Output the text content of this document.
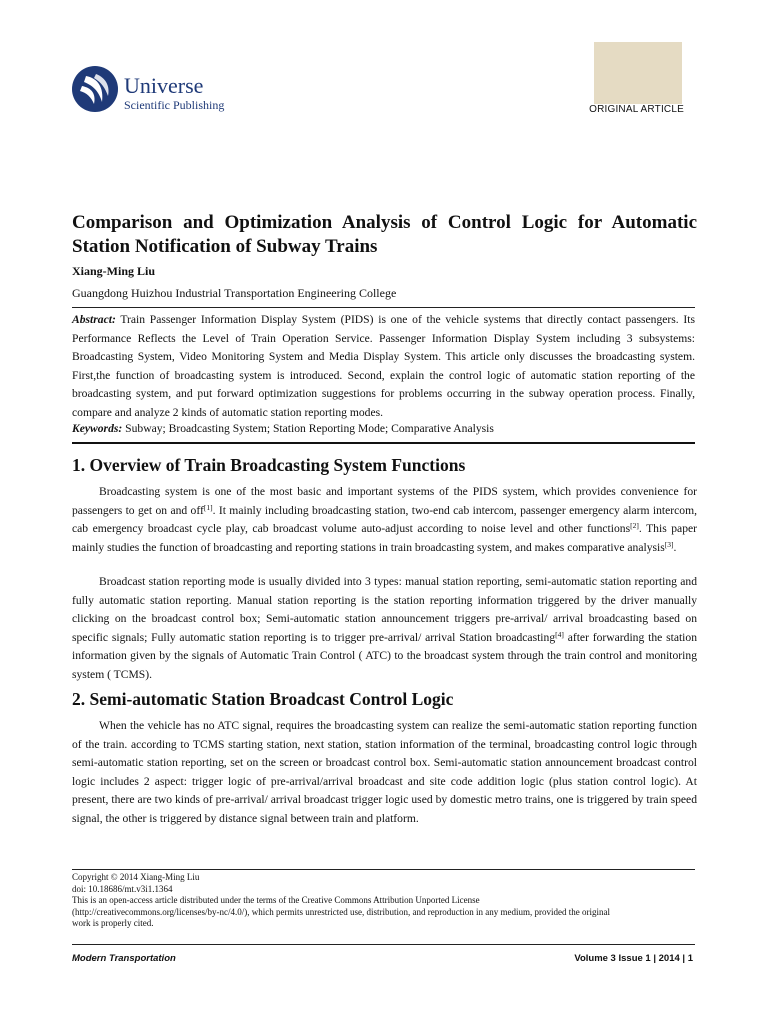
Universe
Scientific Publishing	ORIGINAL ARTICLE
Comparison and Optimization Analysis of Control Logic for Automatic Station Notification of Subway Trains
Xiang-Ming Liu
Guangdong Huizhou Industrial Transportation Engineering College

Abstract: Train Passenger Information Display System (PIDS) is one of the vehicle systems that directly contact passengers. Its Performance Reflects the Level of Train Operation Service. Passenger Information Display System including 3 subsystems: Broadcasting System, Video Monitoring System and Media Display System. This article only discusses the broadcasting system. First,the function of broadcasting system is introduced. Second, explain the control logic of automatic station reporting of the broadcasting system, and put forward optimization suggestions for problems occurring in the subway operation process. Finally, compare and analyze 2 kinds of automatic station reporting modes.

Keywords: Subway; Broadcasting System; Station Reporting Mode; Comparative Analysis

1. Overview of Train Broadcasting System Functions

Broadcasting system is one of the most basic and important systems of the PIDS system, which provides convenience for passengers to get on and off[1]. It mainly including broadcasting station, two-end cab intercom, passenger emergency alarm intercom, cab emergency broadcast cycle play, cab broadcast volume auto-adjust according to noise level and other functions[2]. This paper mainly studies the function of broadcasting and reporting stations in train broadcasting system, and makes comparative analysis[3].

Broadcast station reporting mode is usually divided into 3 types: manual station reporting, semi-automatic station reporting and fully automatic station reporting. Manual station reporting is the station reporting information triggered by the driver manually clicking on the broadcast control box; Semi-automatic station announcement triggers pre-arrival/ arrival broadcasting based on specific signals; Fully automatic station reporting is to trigger pre-arrival/ arrival Station broadcasting[4] after forwarding the station information given by the signals of Automatic Train Control ( ATC) to the broadcast system through the train control and monitoring system ( TCMS).

2. Semi-automatic Station Broadcast Control Logic

When the vehicle has no ATC signal, requires the broadcasting system can realize the semi-automatic station reporting function of the train. according to TCMS starting station, next station, station information of the terminal, broadcasting control logic through semi-automatic station reporting, set on the screen or broadcast control box. Semi-automatic station announcement broadcast control logic includes 2 aspect: trigger logic of pre-arrival/arrival broadcast and site code addition logic (plus station control logic). At present, there are two kinds of pre-arrival/ arrival broadcast trigger logic used by domestic metro trains, one is triggered by train speed signal, the other is triggered by distance signal between train and platform.

Copyright © 2014 Xiang-Ming Liu
doi: 10.18686/mt.v3i1.1364
This is an open-access article distributed under the terms of the Creative Commons Attribution Unported License
(http://creativecommons.org/licenses/by-nc/4.0/), which permits unrestricted use, distribution, and reproduction in any medium, provided the original
work is properly cited.
Modern Transportation	Volume 3 Issue 1 | 2014 | 1
